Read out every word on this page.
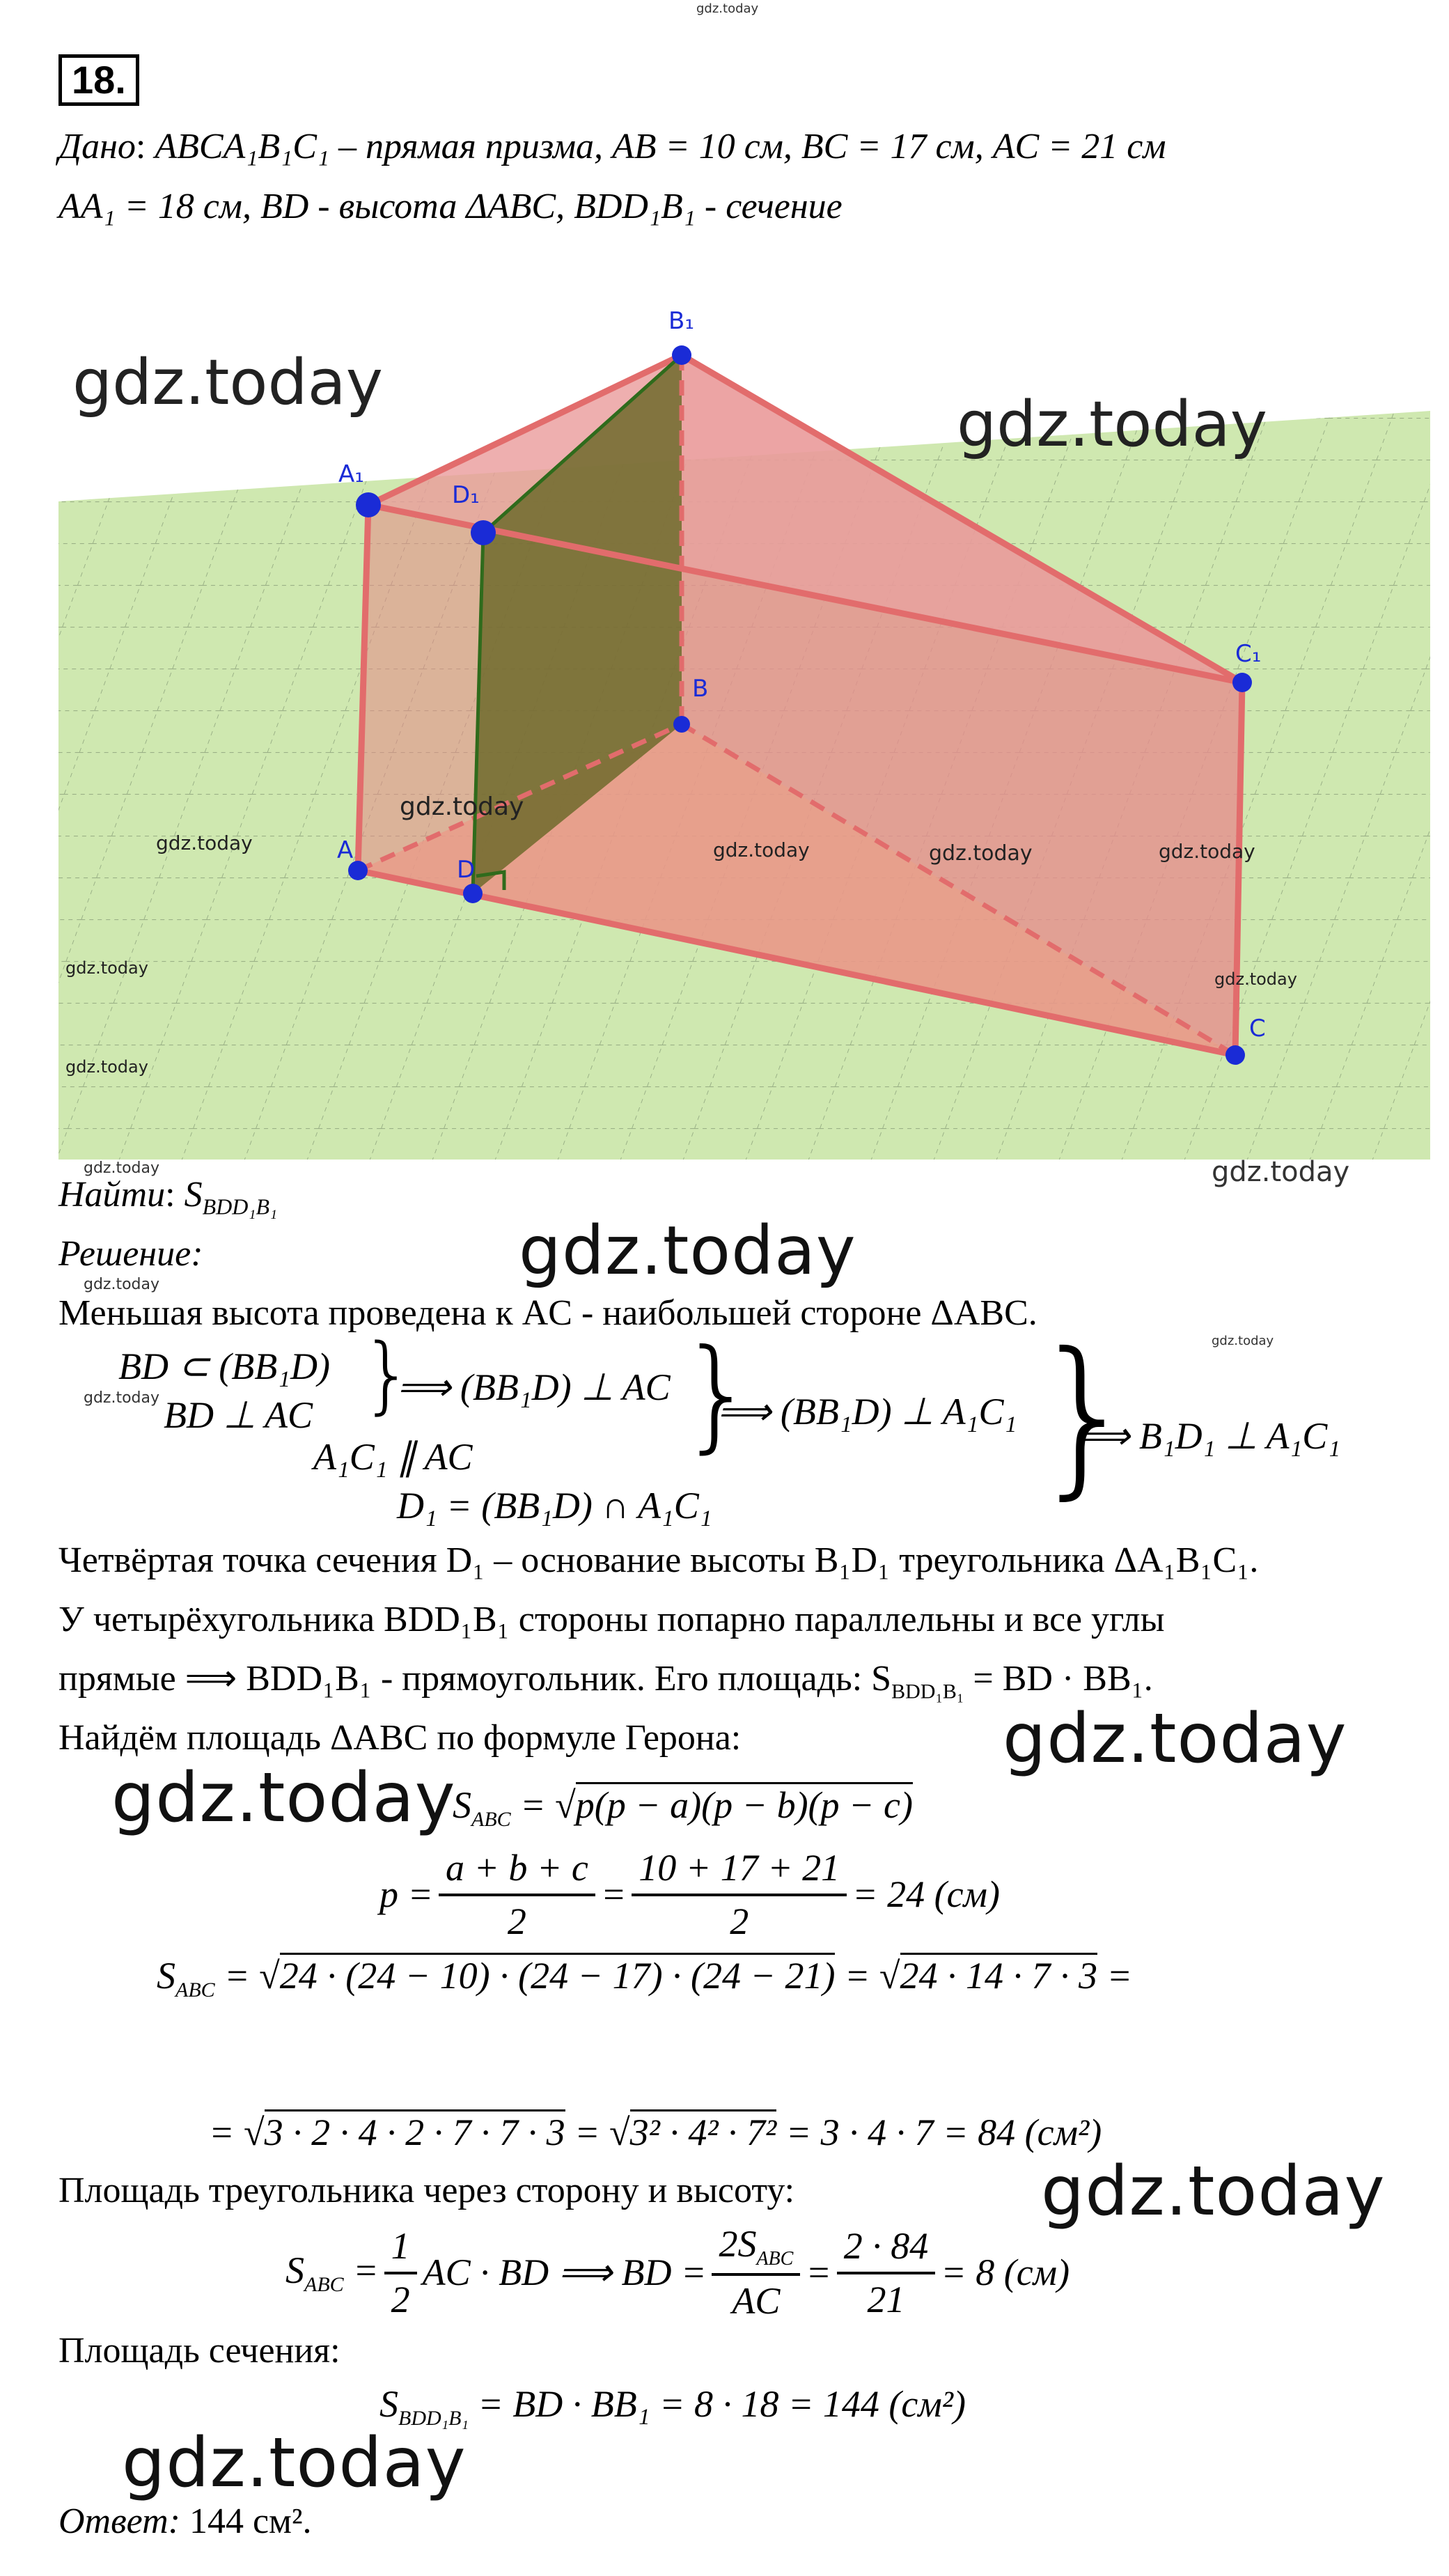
gdz.today
18.
Дано: ABCA₁B₁C₁ – прямая призма, AB = 10 см, BC = 17 см, AC = 21 см
AA₁ = 18 см, BD - высота ΔABC, BDD₁B₁ - сечение
A
B
C
D
A₁
B₁
C₁
D₁
gdz.today
gdz.today
gdz.today
gdz.today	gdz.today	gdz.today	gdz.today
gdz.today
gdz.today
gdz.today
gdz.today
gdz.today
Найти: $S_{BDD_1B_1}$
Решение:	gdz.today
gdz.today
Меньшая высота проведена к AC - наибольшей стороне ΔABC.
gdz.today
BD ⊂ (BB₁D)
gdz.today BD ⊥ AC }
⟹ (BB₁D) ⊥ AC
A₁C₁ ∥ AC }
⟹ (BB₁D) ⊥ A₁C₁
D₁ = (BB₁D) ∩ A₁C₁ }
⟹ B₁D₁ ⊥ A₁C₁
Четвёртая точка сечения D₁ – основание высоты B₁D₁ треугольника ΔA₁B₁C₁.
У четырёхугольника BDD₁B₁ стороны попарно параллельны и все углы
прямые ⟹ BDD₁B₁ - прямоугольник. Его площадь: $S_{BDD_1B_1}$ = BD · BB₁.
Найдём площадь ΔABC по формуле Герона:	gdz.today
gdz.today
$S_{ABC} = √p(p - a)(p - b)(p - c)$
$p = \frac{a + b + c}{2} = \frac{10 + 17 + 21}{2} = 24$ (см)
$S_{ABC} = √24 \cdot (24 - 10) \cdot (24 - 17) \cdot (24 - 21) = √24 \cdot 14 \cdot 7 \cdot 3$ =
= √3 · 2 · 4 · 2 · 7 · 7 · 3 = √3² · 4² · 7² = 3 · 4 · 7 = 84 (см²)
Площадь треугольника через сторону и высоту:	gdz.today
$S_{ABC} = \frac{1}{2}$ AC · BD ⟹ BD = $\frac{2S_{ABC}}{AC} = \frac{2 \cdot 84}{21} = 8$ (см)
Площадь сечения:
$S_{BDD_1B_1}$ = BD · BB₁ = 8 · 18 = 144 (см²)
gdz.today
Ответ: 144 см².
